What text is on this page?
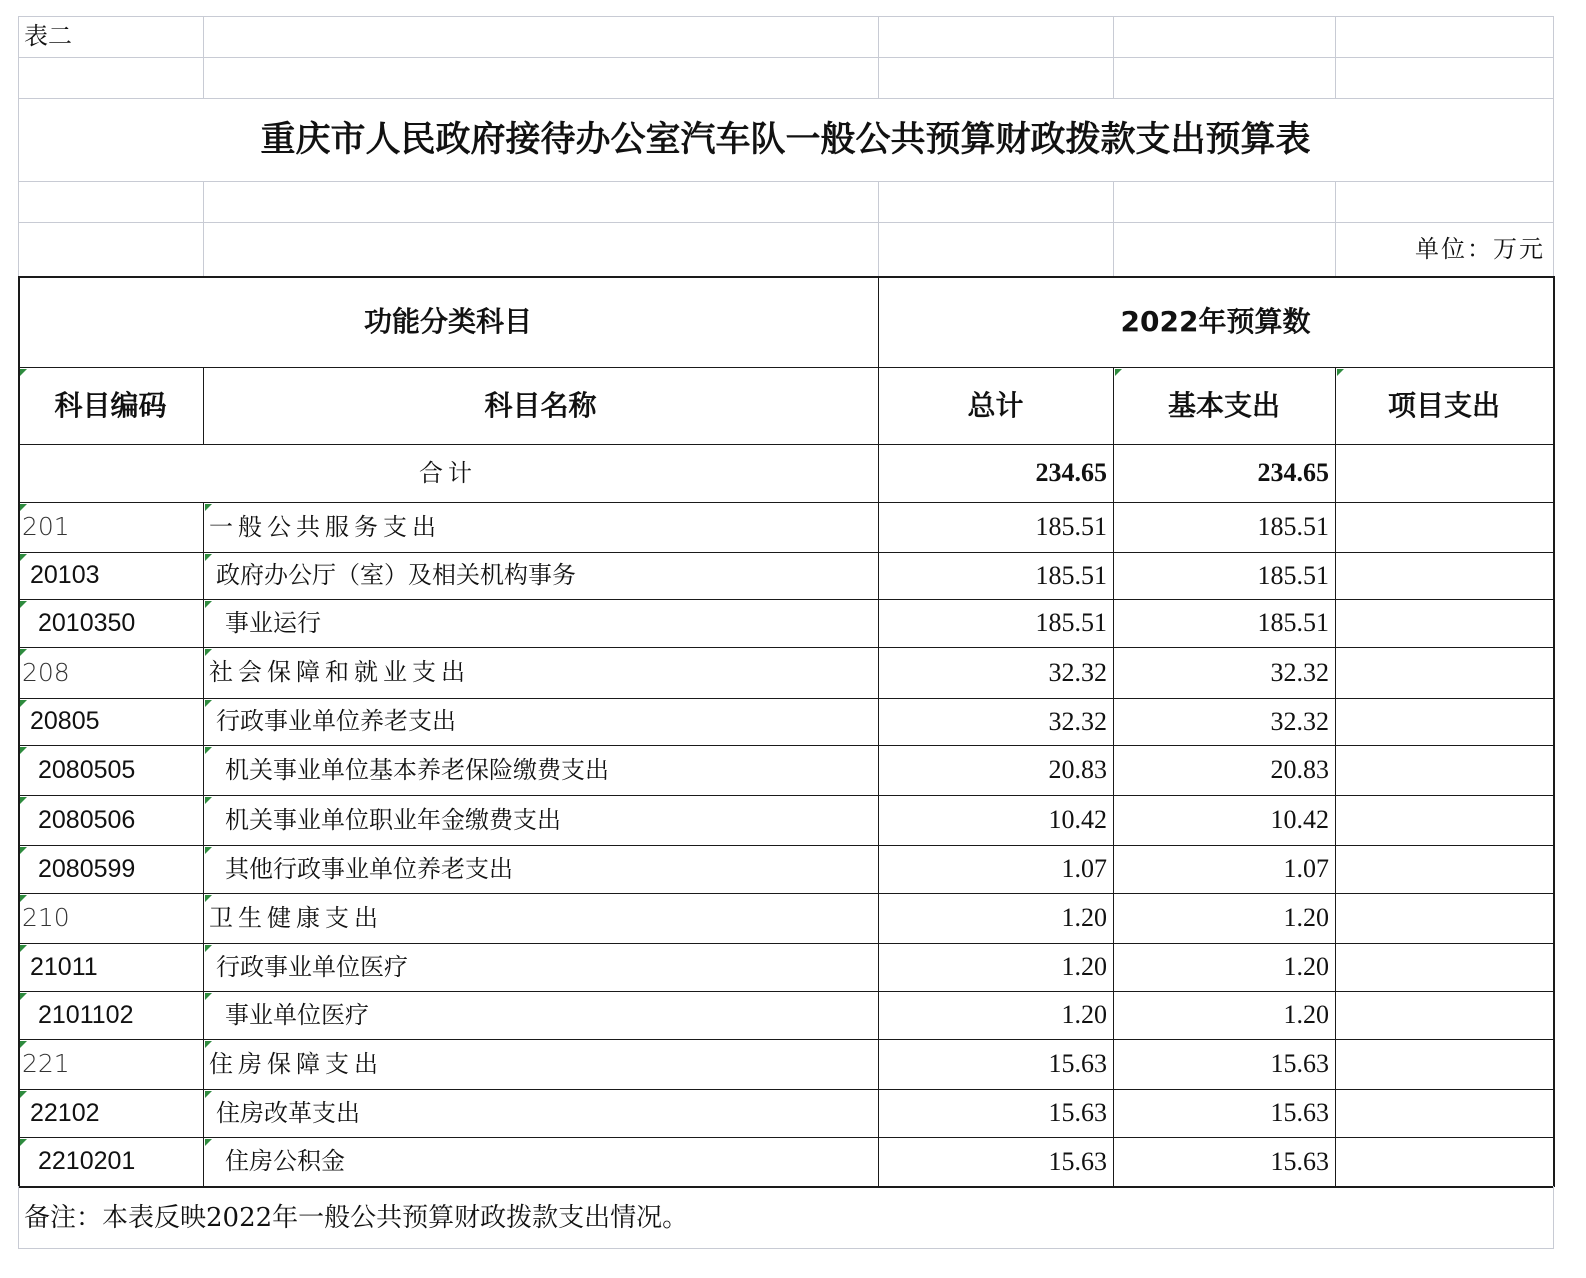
表二
重庆市人民政府接待办公室汽车队一般公共预算财政拨款支出预算表
单位：万元
功能分类科目	2022年预算数
科目编码	科目名称	总计	基本支出	项目支出
合计	234.65	234.65
201	一般公共服务支出	185.51	185.51
20103	政府办公厅（室）及相关机构事务	185.51	185.51
2010350	事业运行	185.51	185.51
208	社会保障和就业支出	32.32	32.32
20805	行政事业单位养老支出	32.32	32.32
2080505	机关事业单位基本养老保险缴费支出	20.83	20.83
2080506	机关事业单位职业年金缴费支出	10.42	10.42
2080599	其他行政事业单位养老支出	1.07	1.07
210	卫生健康支出	1.20	1.20
21011	行政事业单位医疗	1.20	1.20
2101102	事业单位医疗	1.20	1.20
221	住房保障支出	15.63	15.63
22102	住房改革支出	15.63	15.63
2210201	住房公积金	15.63	15.63
备注：本表反映2022年一般公共预算财政拨款支出情况。
